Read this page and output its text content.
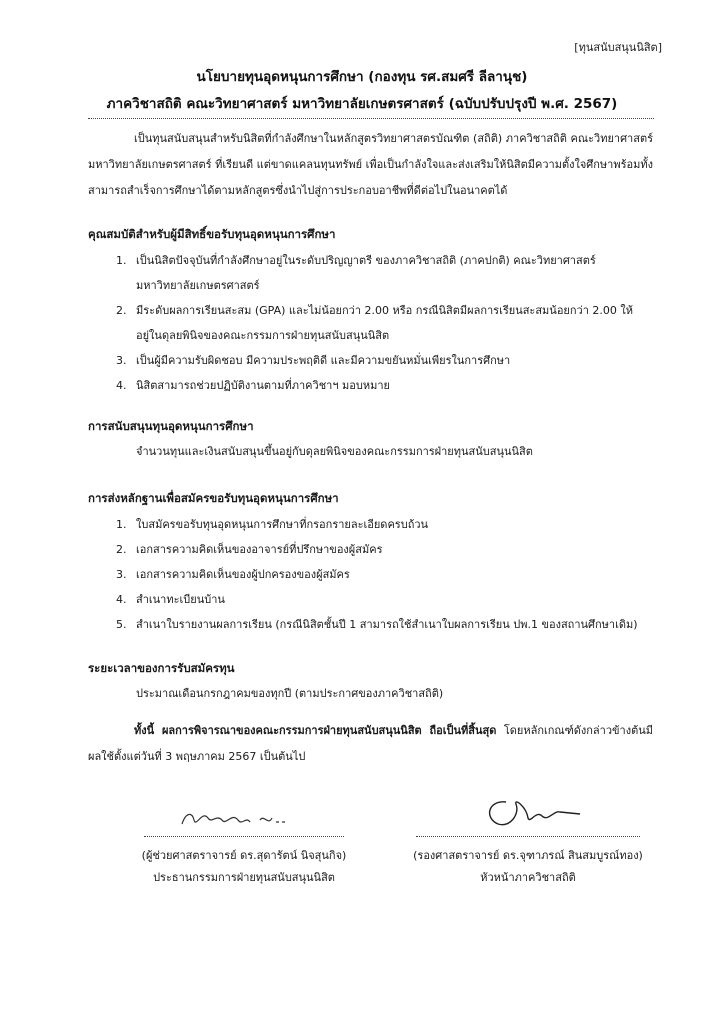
[ทุนสนับสนุนนิสิต]
นโยบายทุนอุดหนุนการศึกษา (กองทุน รศ.สมศรี ลีลานุช)
ภาควิชาสถิติ คณะวิทยาศาสตร์ มหาวิทยาลัยเกษตรศาสตร์ (ฉบับปรับปรุงปี พ.ศ. 2567)
เป็นทุนสนับสนุนสำหรับนิสิตที่กำลังศึกษาในหลักสูตรวิทยาศาสตรบัณฑิต (สถิติ) ภาควิชาสถิติ คณะวิทยาศาสตร์ มหาวิทยาลัยเกษตรศาสตร์ ที่เรียนดี แต่ขาดแคลนทุนทรัพย์ เพื่อเป็นกำลังใจและส่งเสริมให้นิสิตมีความตั้งใจศึกษาพร้อมทั้งสามารถสำเร็จการศึกษาได้ตามหลักสูตรซึ่งนำไปสู่การประกอบอาชีพที่ดีต่อไปในอนาคตได้
คุณสมบัติสำหรับผู้มีสิทธิ์ขอรับทุนอุดหนุนการศึกษา
1. เป็นนิสิตปัจจุบันที่กำลังศึกษาอยู่ในระดับปริญญาตรี ของภาควิชาสถิติ (ภาคปกติ) คณะวิทยาศาสตร์
มหาวิทยาลัยเกษตรศาสตร์
2. มีระดับผลการเรียนสะสม (GPA) และไม่น้อยกว่า 2.00 หรือ กรณีนิสิตมีผลการเรียนสะสมน้อยกว่า 2.00 ให้
อยู่ในดุลยพินิจของคณะกรรมการฝ่ายทุนสนับสนุนนิสิต
3. เป็นผู้มีความรับผิดชอบ มีความประพฤติดี และมีความขยันหมั่นเพียรในการศึกษา
4. นิสิตสามารถช่วยปฏิบัติงานตามที่ภาควิชาฯ มอบหมาย
การสนับสนุนทุนอุดหนุนการศึกษา
จำนวนทุนและเงินสนับสนุนขึ้นอยู่กับดุลยพินิจของคณะกรรมการฝ่ายทุนสนับสนุนนิสิต
การส่งหลักฐานเพื่อสมัครขอรับทุนอุดหนุนการศึกษา
1. ใบสมัครขอรับทุนอุดหนุนการศึกษาที่กรอกรายละเอียดครบถ้วน
2. เอกสารความคิดเห็นของอาจารย์ที่ปรึกษาของผู้สมัคร
3. เอกสารความคิดเห็นของผู้ปกครองของผู้สมัคร
4. สำเนาทะเบียนบ้าน
5. สำเนาใบรายงานผลการเรียน (กรณีนิสิตชั้นปี 1 สามารถใช้สำเนาใบผลการเรียน ปพ.1 ของสถานศึกษาเดิม)
ระยะเวลาของการรับสมัครทุน
ประมาณเดือนกรกฎาคมของทุกปี (ตามประกาศของภาควิชาสถิติ)
ทั้งนี้ ผลการพิจารณาของคณะกรรมการฝ่ายทุนสนับสนุนนิสิต ถือเป็นที่สิ้นสุด โดยหลักเกณฑ์ดังกล่าวข้างต้นมีผลใช้ตั้งแต่วันที่ 3 พฤษภาคม 2567 เป็นต้นไป
(ผู้ช่วยศาสตราจารย์ ดร.สุดารัตน์ นิจสุนกิจ)
ประธานกรรมการฝ่ายทุนสนับสนุนนิสิต
(รองศาสตราจารย์ ดร.จุฑาภรณ์ สินสมบูรณ์ทอง)
หัวหน้าภาควิชาสถิติ
